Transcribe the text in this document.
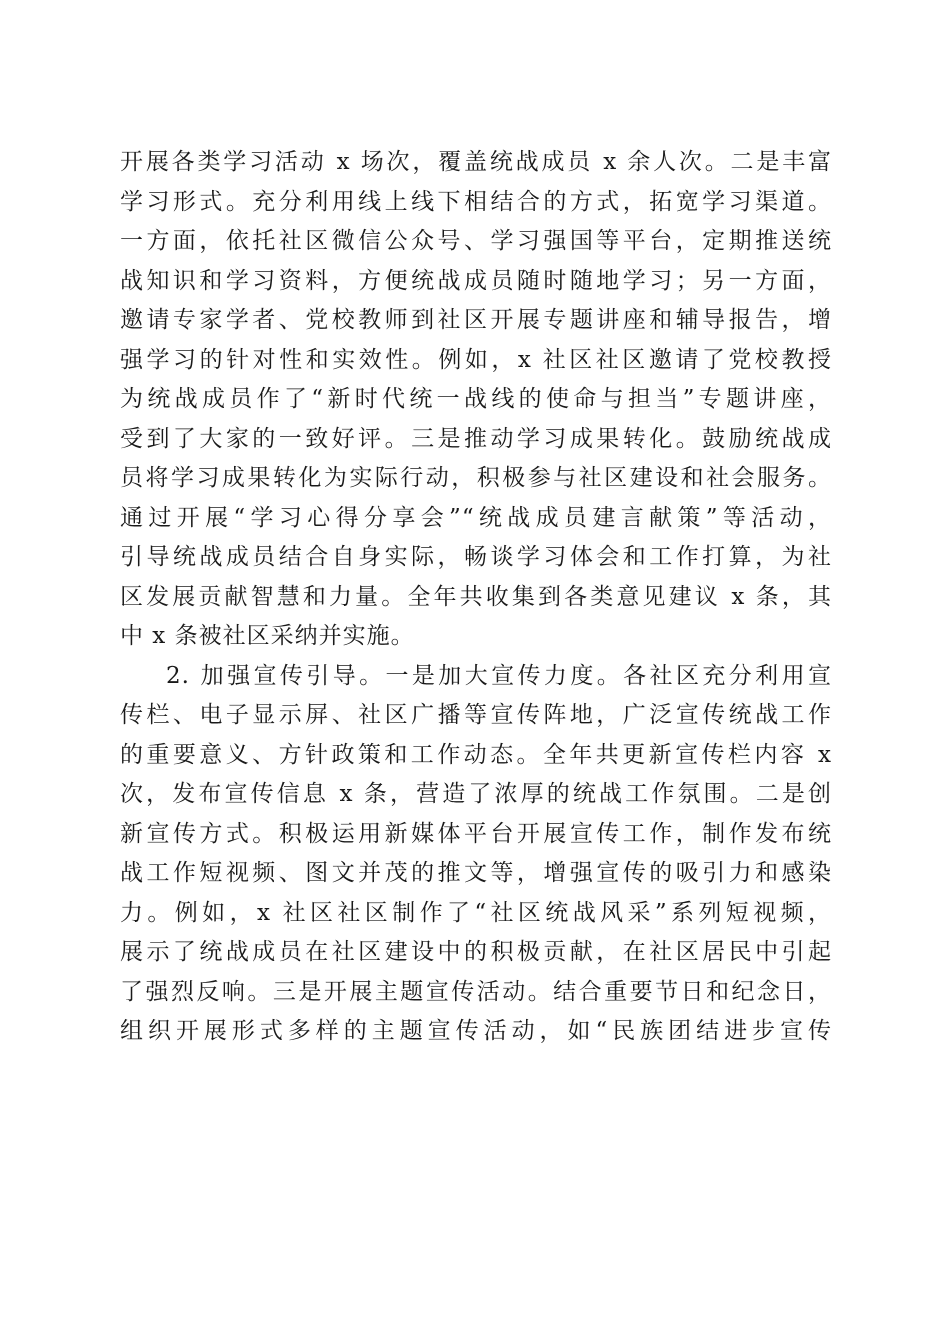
开展各类学习活动 x 场次，覆盖统战成员 x 余人次。二是丰富
学习形式。充分利用线上线下相结合的方式，拓宽学习渠道。
一方面，依托社区微信公众号、学习强国等平台，定期推送统
战知识和学习资料，方便统战成员随时随地学习；另一方面，
邀请专家学者、党校教师到社区开展专题讲座和辅导报告，增
强学习的针对性和实效性。例如，x 社区社区邀请了党校教授
为统战成员作了“新时代统一战线的使命与担当”专题讲座，
受到了大家的一致好评。三是推动学习成果转化。鼓励统战成
员将学习成果转化为实际行动，积极参与社区建设和社会服务。
通过开展“学习心得分享会”“统战成员建言献策”等活动，
引导统战成员结合自身实际，畅谈学习体会和工作打算，为社
区发展贡献智慧和力量。全年共收集到各类意见建议 x 条，其
中 x 条被社区采纳并实施。
2. 加强宣传引导。一是加大宣传力度。各社区充分利用宣
传栏、电子显示屏、社区广播等宣传阵地，广泛宣传统战工作
的重要意义、方针政策和工作动态。全年共更新宣传栏内容 x
次，发布宣传信息 x 条，营造了浓厚的统战工作氛围。二是创
新宣传方式。积极运用新媒体平台开展宣传工作，制作发布统
战工作短视频、图文并茂的推文等，增强宣传的吸引力和感染
力。例如，x 社区社区制作了“社区统战风采”系列短视频，
展示了统战成员在社区建设中的积极贡献，在社区居民中引起
了强烈反响。三是开展主题宣传活动。结合重要节日和纪念日，
组织开展形式多样的主题宣传活动，如“民族团结进步宣传
